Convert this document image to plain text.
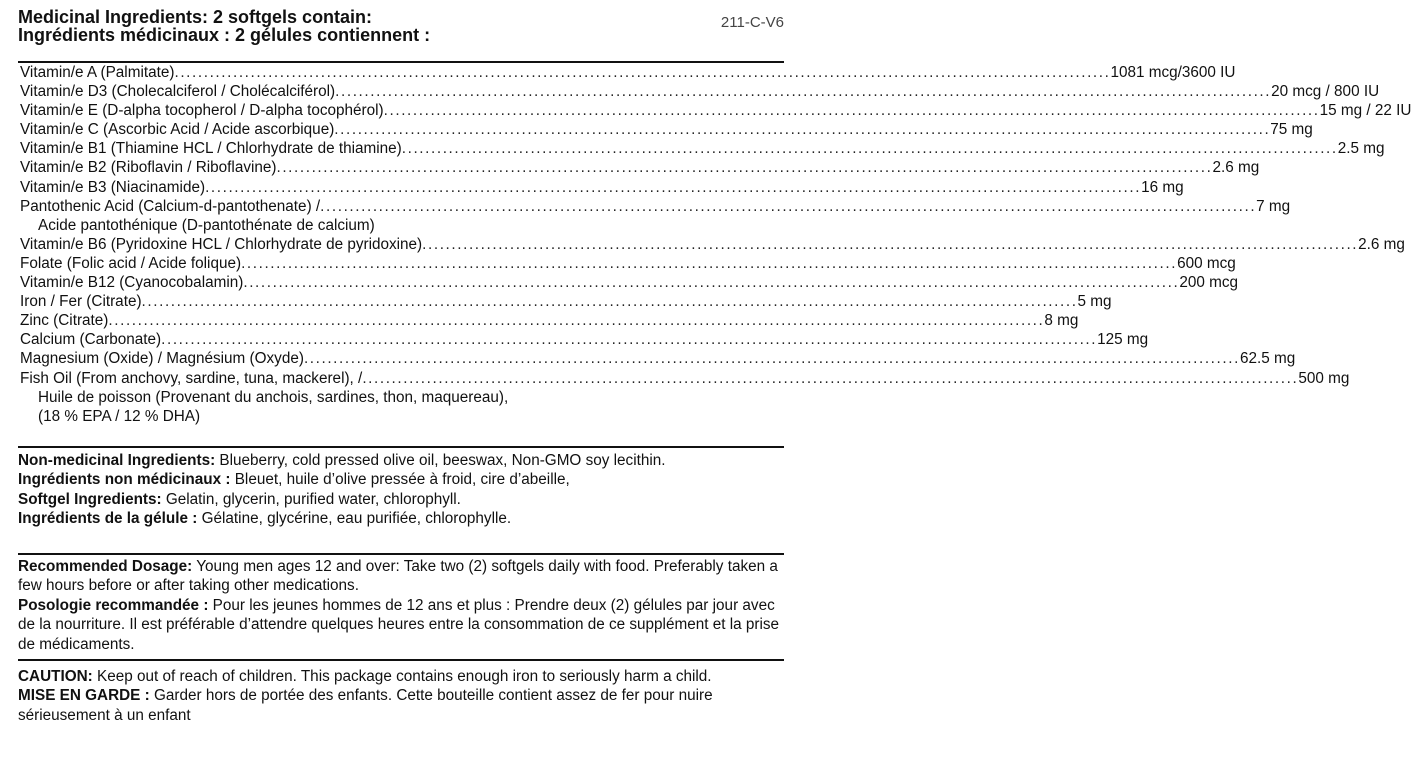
Medicinal Ingredients: 2 softgels contain:
Ingrédients médicinaux : 2 gélules contiennent :
211-C-V6
Vitamin/e A (Palmitate) ................................................................................................................................................................ 1081 mcg/3600 IU
Vitamin/e D3 (Cholecalciferol / Cholécalciférol) ................................................................................................................................................................ 20 mcg / 800 IU
Vitamin/e E (D-alpha tocopherol / D-alpha tocophérol) ................................................................................................................................................................ 15 mg / 22 IU
Vitamin/e C (Ascorbic Acid / Acide ascorbique) ................................................................................................................................................................ 75 mg
Vitamin/e B1 (Thiamine HCL / Chlorhydrate de thiamine) ................................................................................................................................................................ 2.5 mg
Vitamin/e B2 (Riboflavin / Riboflavine) ................................................................................................................................................................ 2.6 mg
Vitamin/e B3 (Niacinamide) ................................................................................................................................................................ 16 mg
Pantothenic Acid (Calcium-d-pantothenate) / ................................................................................................................................................................ 7 mg
Acide pantothénique (D-pantothénate de calcium)
Vitamin/e B6 (Pyridoxine HCL / Chlorhydrate de pyridoxine) ................................................................................................................................................................ 2.6 mg
Folate (Folic acid / Acide folique) ................................................................................................................................................................ 600 mcg
Vitamin/e B12 (Cyanocobalamin) ................................................................................................................................................................ 200 mcg
Iron / Fer (Citrate) ................................................................................................................................................................ 5 mg
Zinc (Citrate) ................................................................................................................................................................ 8 mg
Calcium (Carbonate) ................................................................................................................................................................ 125 mg
Magnesium (Oxide) / Magnésium (Oxyde) ................................................................................................................................................................ 62.5 mg
Fish Oil (From anchovy, sardine, tuna, mackerel), / ................................................................................................................................................................ 500 mg
Huile de poisson (Provenant du anchois, sardines, thon, maquereau),
(18 % EPA / 12 % DHA)

Non-medicinal Ingredients: Blueberry, cold pressed olive oil, beeswax, Non-GMO soy lecithin.

Ingrédients non médicinaux : Bleuet, huile d’olive pressée à froid, cire d’abeille,

Softgel Ingredients: Gelatin, glycerin, purified water, chlorophyll.

Ingrédients de la gélule : Gélatine, glycérine, eau purifiée, chlorophylle.

Recommended Dosage: Young men ages 12 and over: Take two (2) softgels daily with food. Preferably taken a few hours before or after taking other medications.

Posologie recommandée : Pour les jeunes hommes de 12 ans et plus : Prendre deux (2) gélules par jour avec de la nourriture. Il est préférable d’attendre quelques heures entre la consommation de ce supplément et la prise de médicaments.

CAUTION: Keep out of reach of children. This package contains enough iron to seriously harm a child.

MISE EN GARDE : Garder hors de portée des enfants. Cette bouteille contient assez de fer pour nuire sérieusement à un enfant
